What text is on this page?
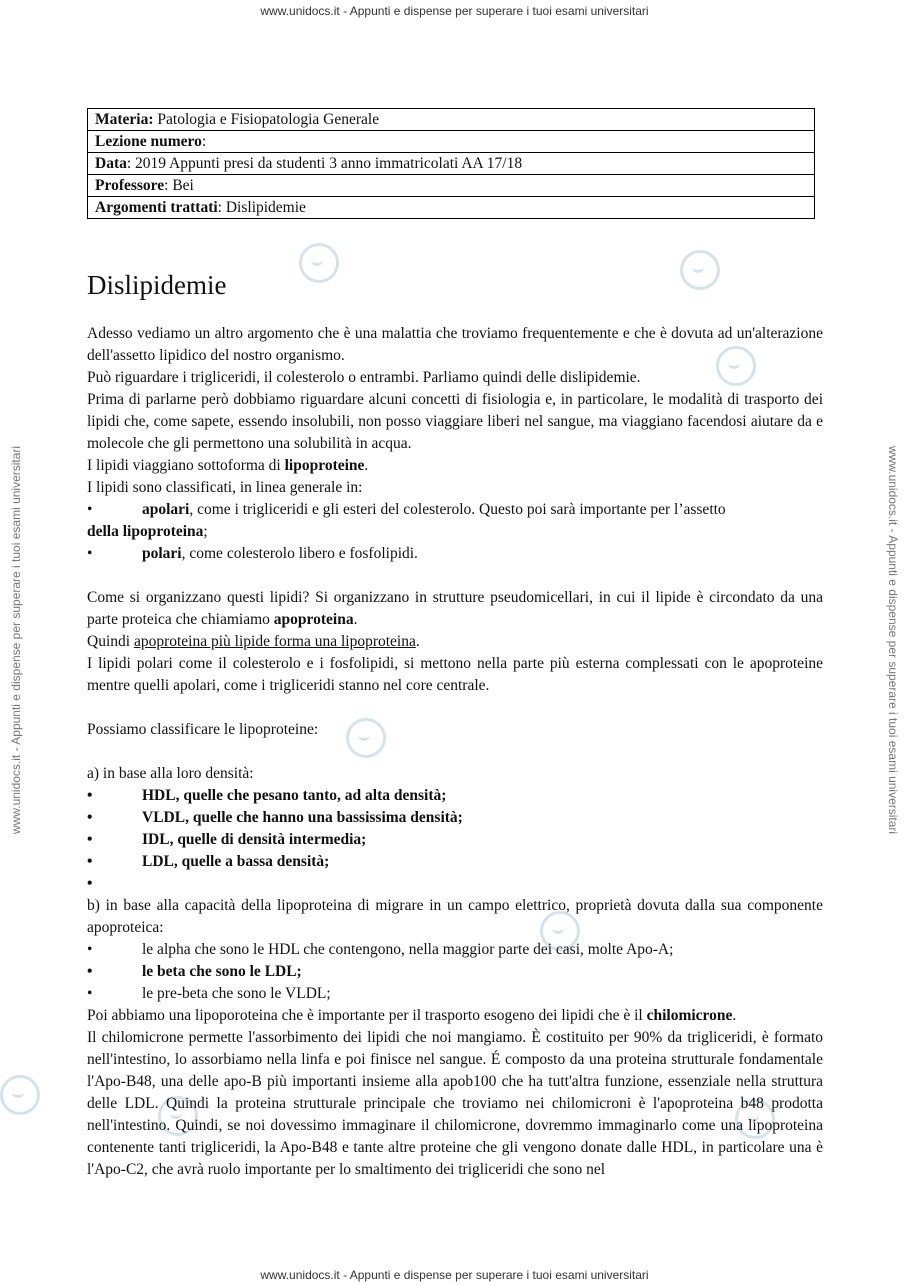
www.unidocs.it - Appunti e dispense per superare i tuoi esami universitari
www.unidocs.it - Appunti e dispense per superare i tuoi esami universitari	www.unidocs.it - Appunti e dispense per superare i tuoi esami universitari
Materia: Patologia e Fisiopatologia Generale
Lezione numero:
Data: 2019 Appunti presi da studenti 3 anno immatricolati AA 17/18
Professore: Bei
Argomenti trattati: Dislipidemie
Dislipidemie

Adesso vediamo un altro argomento che è una malattia che troviamo frequentemente e che è dovuta ad un'alterazione dell'assetto lipidico del nostro organismo.

Può riguardare i trigliceridi, il colesterolo o entrambi. Parliamo quindi delle dislipidemie.

Prima di parlarne però dobbiamo riguardare alcuni concetti di fisiologia e, in particolare, le modalità di trasporto dei lipidi che, come sapete, essendo insolubili, non posso viaggiare liberi nel sangue, ma viaggiano facendosi aiutare da e molecole che gli permettono una solubilità in acqua.

I lipidi viaggiano sottoforma di lipoproteine.

I lipidi sono classificati, in linea generale in:

•	apolari, come i trigliceridi e gli esteri del colesterolo. Questo poi sarà importante per l’assetto

della lipoproteina;

•	polari, come colesterolo libero e fosfolipidi.

Come si organizzano questi lipidi? Si organizzano in strutture pseudomicellari, in cui il lipide è circondato da una parte proteica che chiamiamo apoproteina.

Quindi apoproteina più lipide forma una lipoproteina.

I lipidi polari come il colesterolo e i fosfolipidi, si mettono nella parte più esterna complessati con le apoproteine mentre quelli apolari, come i trigliceridi stanno nel core centrale.

Possiamo classificare le lipoproteine:

a) in base alla loro densità:

•	HDL, quelle che pesano tanto, ad alta densità;

•	VLDL, quelle che hanno una bassissima densità;

•	IDL, quelle di densità intermedia;

•	LDL, quelle a bassa densità;

•

b) in base alla capacità della lipoproteina di migrare in un campo elettrico, proprietà dovuta dalla sua componente apoproteica:

•	le alpha che sono le HDL che contengono, nella maggior parte dei casi, molte Apo-A;

•	le beta che sono le LDL;

•	le pre-beta che sono le VLDL;

Poi abbiamo una lipoporoteina che è importante per il trasporto esogeno dei lipidi che è il chilomicrone.

Il chilomicrone permette l'assorbimento dei lipidi che noi mangiamo. È costituito per 90% da trigliceridi, è formato nell'intestino, lo assorbiamo nella linfa e poi finisce nel sangue. É composto da una proteina strutturale fondamentale l'Apo-B48, una delle apo-B più importanti insieme alla apob100 che ha tutt'altra funzione, essenziale nella struttura delle LDL. Quindi la proteina strutturale principale che troviamo nei chilomicroni è l'apoproteina b48 prodotta nell'intestino. Quindi, se noi dovessimo immaginare il chilomicrone, dovremmo immaginarlo come una lipoproteina contenente tanti trigliceridi, la Apo-B48 e tante altre proteine che gli vengono donate dalle HDL, in particolare una è l'Apo-C2, che avrà ruolo importante per lo smaltimento dei trigliceridi che sono nel

www.unidocs.it - Appunti e dispense per superare i tuoi esami universitari
